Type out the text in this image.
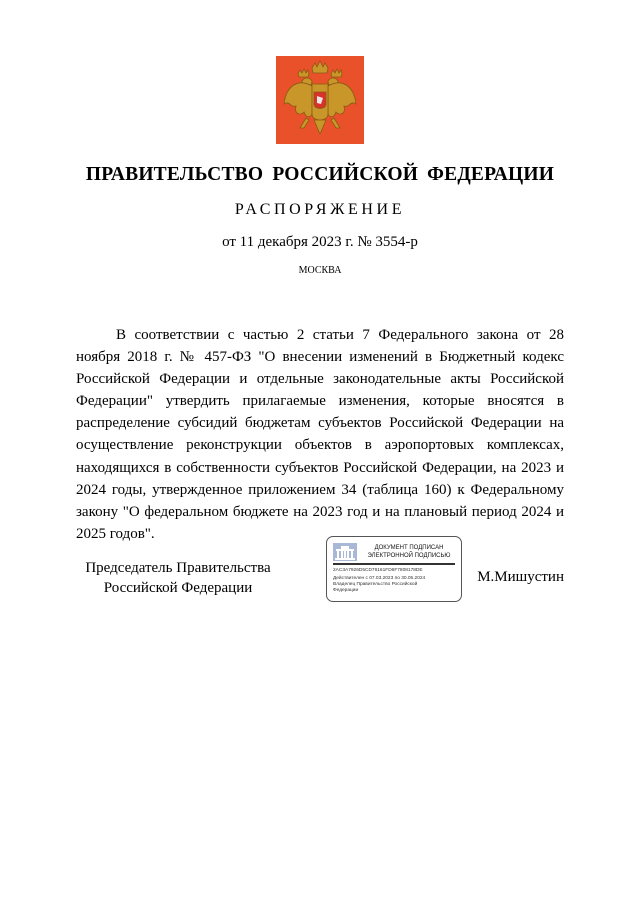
ПРАВИТЕЛЬСТВО РОССИЙСКОЙ ФЕДЕРАЦИИ
РАСПОРЯЖЕНИЕ
от 11 декабря 2023 г. № 3554-р
МОСКВА

В соответствии с частью 2 статьи 7 Федерального закона от 28 ноября 2018 г. № 457-ФЗ "О внесении изменений в Бюджетный кодекс Российской Федерации и отдельные законодательные акты Российской Федерации" утвердить прилагаемые изменения, которые вносятся в распределение субсидий бюджетам субъектов Российской Федерации на осуществление реконструкции объектов в аэропортовых комплексах, находящихся в собственности субъектов Российской Федерации, на 2023 и 2024 годы, утвержденное приложением 34 (таблица 160) к Федеральному закону "О федеральном бюджете на 2023 год и на плановый период 2024 и 2025 годов".

Председатель Правительства
Российской Федерации
ДОКУМЕНТ ПОДПИСАН
ЭЛЕКТРОННОЙ ПОДПИСЬЮ
2AC3A7926D5CD76161FD6F7808178DE
Действителен с 07.03.2023 по 30.05.2024
Владелец Правительство Российской
Федерации
М.Мишустин
